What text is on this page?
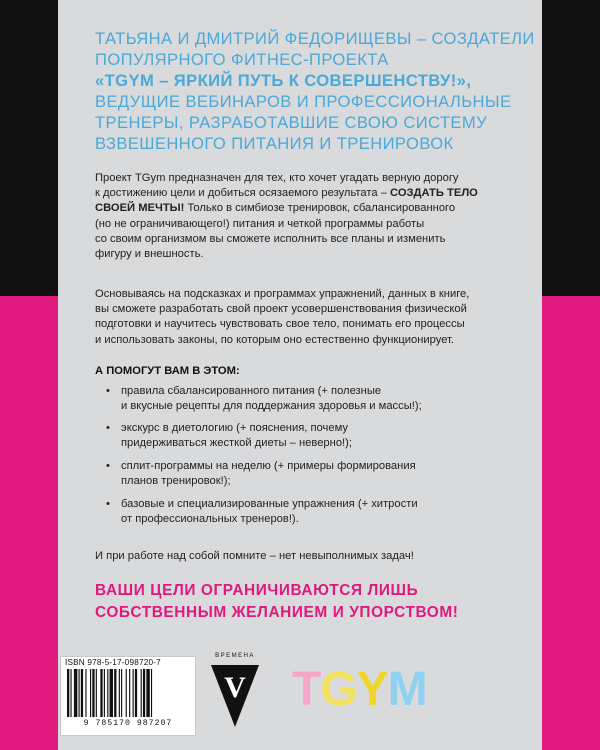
ТАТЬЯНА И ДМИТРИЙ ФЕДОРИЩЕВЫ – СОЗДАТЕЛИ
ПОПУЛЯРНОГО ФИТНЕС-ПРОЕКТА
«TGYM – ЯРКИЙ ПУТЬ К СОВЕРШЕНСТВУ!»,
ВЕДУЩИЕ ВЕБИНАРОВ И ПРОФЕССИОНАЛЬНЫЕ
ТРЕНЕРЫ, РАЗРАБОТАВШИЕ СВОЮ СИСТЕМУ
ВЗВЕШЕННОГО ПИТАНИЯ И ТРЕНИРОВОК
Проект TGym предназначен для тех, кто хочет угадать верную дорогу
к достижению цели и добиться осязаемого результата – СОЗДАТЬ ТЕЛО
СВОЕЙ МЕЧТЫ! Только в симбиозе тренировок, сбалансированного
(но не ограничивающего!) питания и четкой программы работы
со своим организмом вы сможете исполнить все планы и изменить
фигуру и внешность.
Основываясь на подсказках и программах упражнений, данных в книге,
вы сможете разработать свой проект усовершенствования физической
подготовки и научитесь чувствовать свое тело, понимать его процессы
и использовать законы, по которым оно естественно функционирует.
А ПОМОГУТ ВАМ В ЭТОМ:
• правила сбалансированного питания (+ полезные
и вкусные рецепты для поддержания здоровья и массы!);
• экскурс в диетологию (+ пояснения, почему
придерживаться жесткой диеты – неверно!);
• сплит-программы на неделю (+ примеры формирования
планов тренировок!);
• базовые и специализированные упражнения (+ хитрости
от профессиональных тренеров!).
И при работе над собой помните – нет невыполнимых задач!
ВАШИ ЦЕЛИ ОГРАНИЧИВАЮТСЯ ЛИШЬ
СОБСТВЕННЫМ ЖЕЛАНИЕМ И УПОРСТВОМ!
ISBN 978-5-17-098720-7
9 785170 987207
ВРЕМЕНА
V TGYM
